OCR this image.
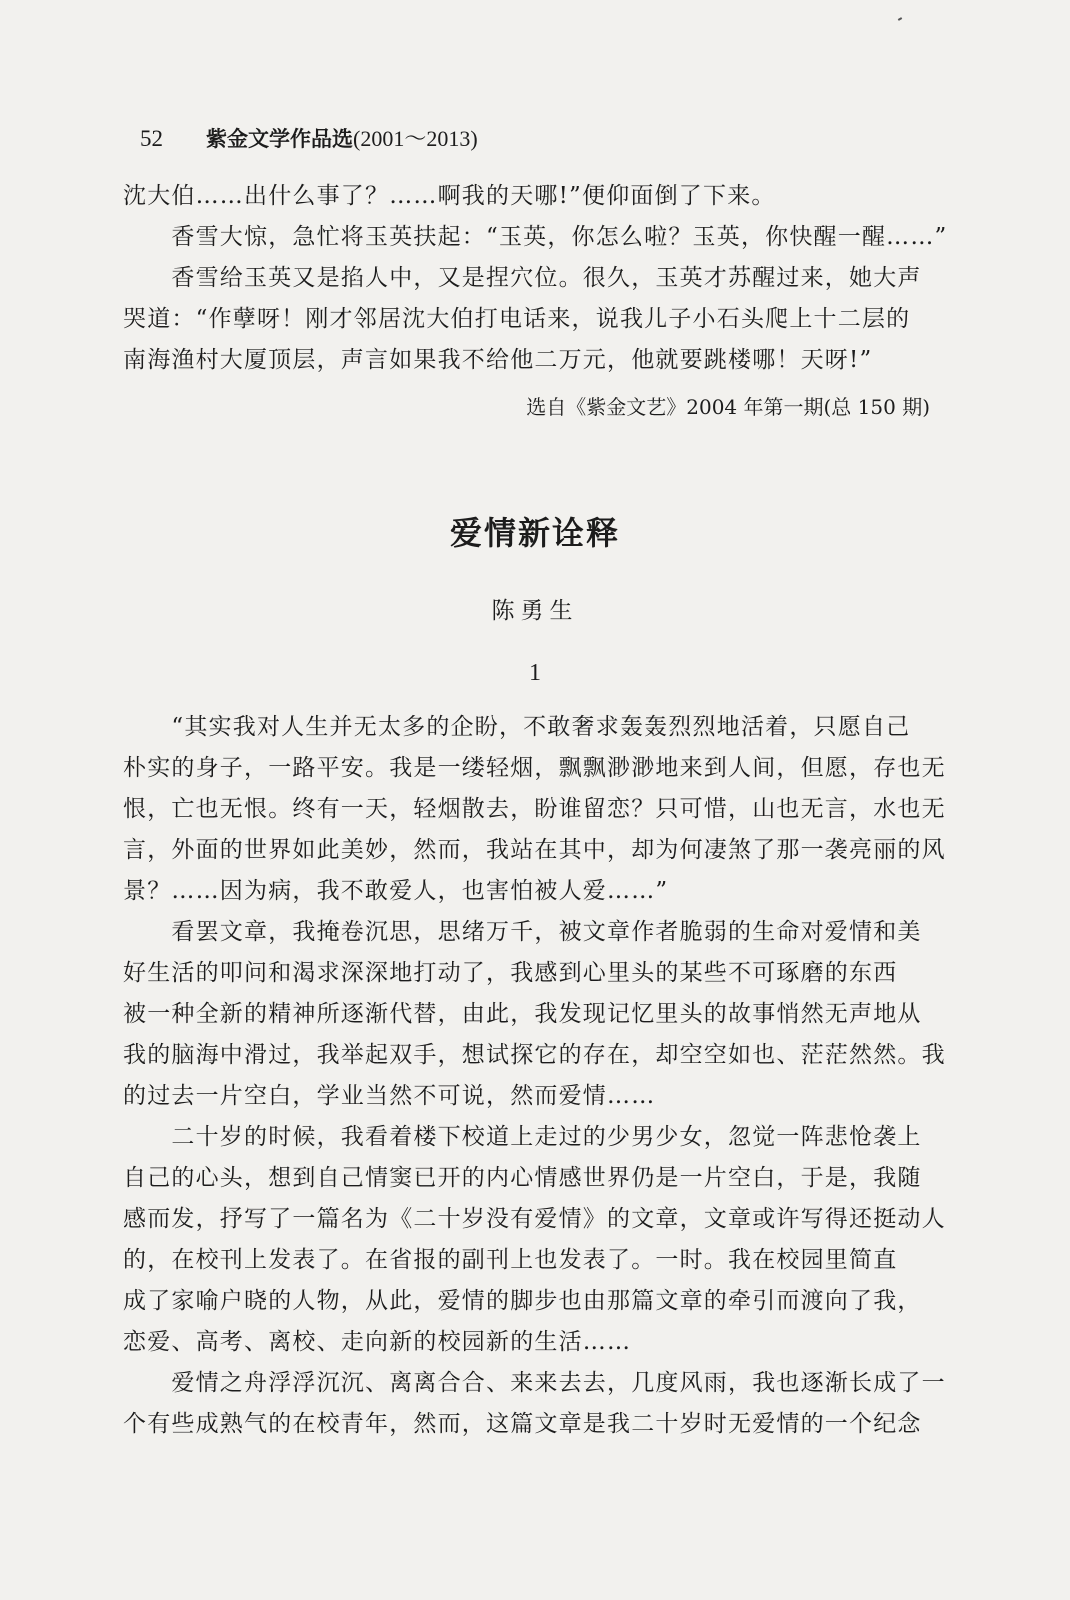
52 紫金文学作品选(2001～2013)
沈大伯……出什么事了？……啊我的天哪!”便仰面倒了下来。
　　香雪大惊，急忙将玉英扶起：“玉英，你怎么啦？玉英，你快醒一醒……”
　　香雪给玉英又是掐人中，又是捏穴位。很久，玉英才苏醒过来，她大声
哭道：“作孽呀！刚才邻居沈大伯打电话来，说我儿子小石头爬上十二层的
南海渔村大厦顶层，声言如果我不给他二万元，他就要跳楼哪！天呀!”
选自《紫金文艺》2004 年第一期(总 150 期)
爱情新诠释
陈勇生
1
　　“其实我对人生并无太多的企盼，不敢奢求轰轰烈烈地活着，只愿自己
朴实的身子，一路平安。我是一缕轻烟，飘飘渺渺地来到人间，但愿，存也无
恨，亡也无恨。终有一天，轻烟散去，盼谁留恋？只可惜，山也无言，水也无
言，外面的世界如此美妙，然而，我站在其中，却为何凄煞了那一袭亮丽的风
景？……因为病，我不敢爱人，也害怕被人爱……”
　　看罢文章，我掩卷沉思，思绪万千，被文章作者脆弱的生命对爱情和美
好生活的叩问和渴求深深地打动了，我感到心里头的某些不可琢磨的东西
被一种全新的精神所逐渐代替，由此，我发现记忆里头的故事悄然无声地从
我的脑海中滑过，我举起双手，想试探它的存在，却空空如也、茫茫然然。我
的过去一片空白，学业当然不可说，然而爱情……
　　二十岁的时候，我看着楼下校道上走过的少男少女，忽觉一阵悲怆袭上
自己的心头，想到自己情窦已开的内心情感世界仍是一片空白，于是，我随
感而发，抒写了一篇名为《二十岁没有爱情》的文章，文章或许写得还挺动人
的，在校刊上发表了。在省报的副刊上也发表了。一时。我在校园里简直
成了家喻户晓的人物，从此，爱情的脚步也由那篇文章的牵引而渡向了我，
恋爱、高考、离校、走向新的校园新的生活……
　　爱情之舟浮浮沉沉、离离合合、来来去去，几度风雨，我也逐渐长成了一
个有些成熟气的在校青年，然而，这篇文章是我二十岁时无爱情的一个纪念
